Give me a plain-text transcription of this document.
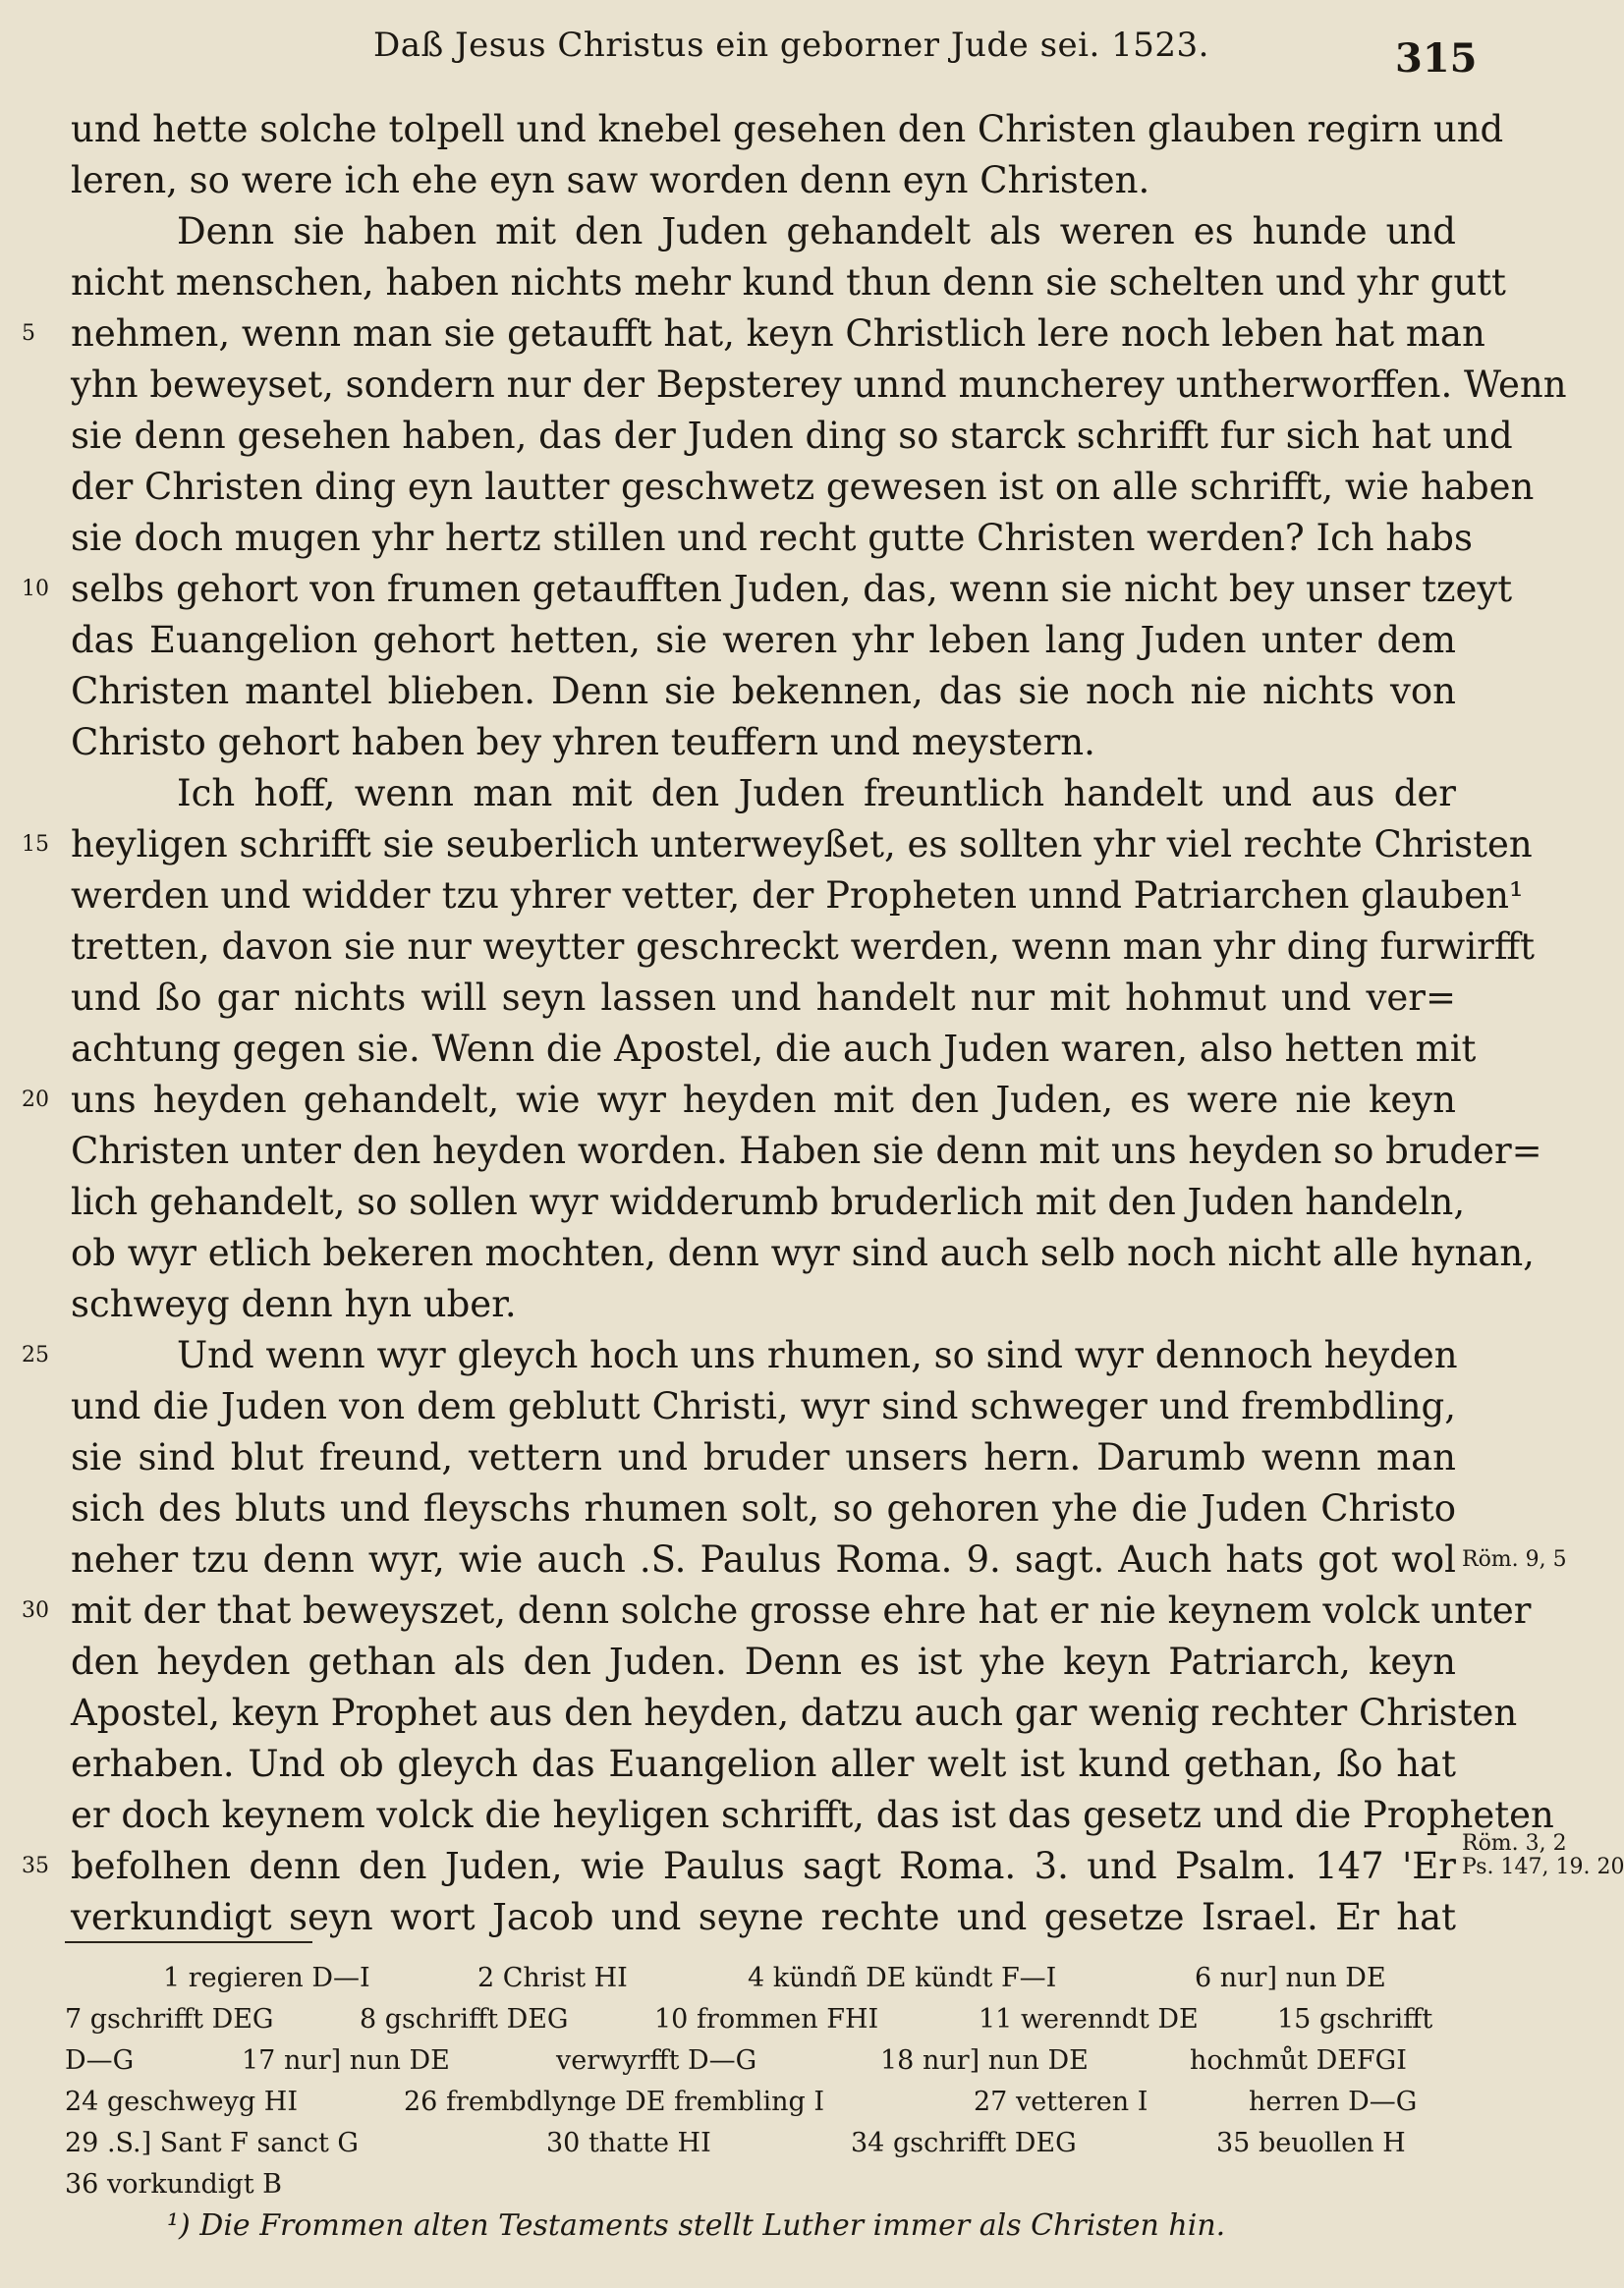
Daß Jesus Christus ein geborner Jude sei. 1523.	315
und hette solche tolpell und knebel gesehen den Christen glauben regirn und
leren, so were ich ehe eyn saw worden denn eyn Christen.
Denn sie haben mit den Juden gehandelt als weren es hunde und
nicht menschen, haben nichts mehr kund thun denn sie schelten und yhr gutt
nehmen, wenn man sie getaufft hat, keyn Christlich lere noch leben hat man
yhn beweyset, sondern nur der Bepsterey unnd muncherey untherworffen. Wenn
sie denn gesehen haben, das der Juden ding so starck schrifft fur sich hat und
der Christen ding eyn lautter geschwetz gewesen ist on alle schrifft, wie haben
sie doch mugen yhr hertz stillen und recht gutte Christen werden? Ich habs
selbs gehort von frumen getaufften Juden, das, wenn sie nicht bey unser tzeyt
das Euangelion gehort hetten, sie weren yhr leben lang Juden unter dem
Christen mantel blieben. Denn sie bekennen, das sie noch nie nichts von
Christo gehort haben bey yhren teuffern und meystern.
Ich hoff, wenn man mit den Juden freuntlich handelt und aus der
heyligen schrifft sie seuberlich unterweyßet, es sollten yhr viel rechte Christen
werden und widder tzu yhrer vetter, der Propheten unnd Patriarchen glauben¹
tretten, davon sie nur weytter geschreckt werden, wenn man yhr ding furwirfft
und ßo gar nichts will seyn lassen und handelt nur mit hohmut und ver=
achtung gegen sie. Wenn die Apostel, die auch Juden waren, also hetten mit
uns heyden gehandelt, wie wyr heyden mit den Juden, es were nie keyn
Christen unter den heyden worden. Haben sie denn mit uns heyden so bruder=
lich gehandelt, so sollen wyr widderumb bruderlich mit den Juden handeln,
ob wyr etlich bekeren mochten, denn wyr sind auch selb noch nicht alle hynan,
schweyg denn hyn uber.
Und wenn wyr gleych hoch uns rhumen, so sind wyr dennoch heyden
und die Juden von dem geblutt Christi, wyr sind schweger und frembdling,
sie sind blut freund, vettern und bruder unsers hern. Darumb wenn man
sich des bluts und fleyschs rhumen solt, so gehoren yhe die Juden Christo
neher tzu denn wyr, wie auch .S. Paulus Roma. 9. sagt. Auch hats got wol
mit der that beweyszet, denn solche grosse ehre hat er nie keynem volck unter
den heyden gethan als den Juden. Denn es ist yhe keyn Patriarch, keyn
Apostel, keyn Prophet aus den heyden, datzu auch gar wenig rechter Christen
erhaben. Und ob gleych das Euangelion aller welt ist kund gethan, ßo hat
er doch keynem volck die heyligen schrifft, das ist das gesetz und die Propheten
befolhen denn den Juden, wie Paulus sagt Roma. 3. und Psalm. 147 'Er
verkundigt seyn wort Jacob und seyne rechte und gesetze Israel. Er hat
5
10
15
20
25
30
35
Röm. 9, 5
Röm. 3, 2
Ps. 147, 19. 20
1 regieren D—I	2 Christ HI	4 kündñ DE kündt F—I	6 nur] nun DE
7 gschrifft DEG	8 gschrifft DEG	10 frommen FHI	11 werenndt DE	15 gschrifft
D—G	17 nur] nun DE	verwyrfft D—G	18 nur] nun DE	hochmůt DEFGI
24 geschweyg HI	26 frembdlynge DE frembling I	27 vetteren I	herren D—G
29 .S.] Sant F sanct G	30 thatte HI	34 gschrifft DEG	35 beuollen H
36 vorkundigt B
¹) Die Frommen alten Testaments stellt Luther immer als Christen hin.
